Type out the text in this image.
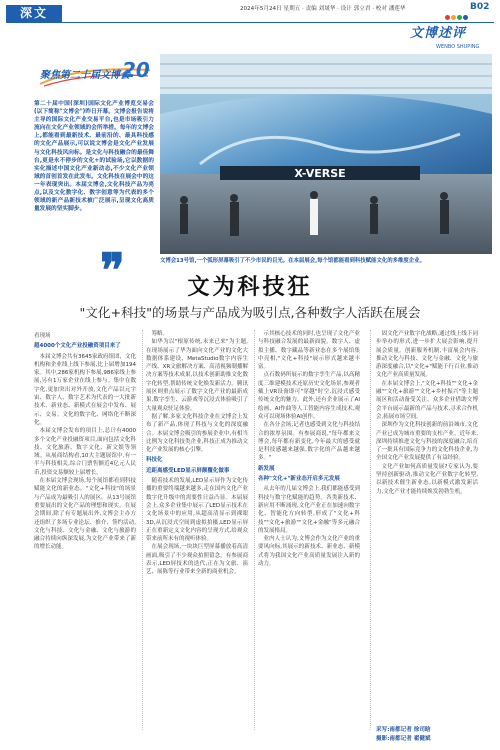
深文	2024年5月24日 星期五 · 责编 刘晟华 · 设计 郭立君 · 校对 潘莲华	B02
文博述评
WENBO SHUPING
聚焦第二十届文博会
20
第二十届中国(深圳)国际文化产业博览交易会(以下简称"文博会")昨日开幕。文博会报告说将主导的国际文化产业交易平台,也是市场吸引力流向在文化产业领域的会所举措。每年的文博会上,都能看到最新技术、最前沿的、最具科技感的文化产品展示,可以说文博会是文化产业发展与文化科技风向标。是文化与科技融合的最佳舞台,更是永不停步的文化+的试验场,它以数据的实化描述中国文化产业新动态,不少文化产业领域的首创首发在此发布。文化科技在展会中的这一年表现突出。本届文博会,文化科技产品为亮点,以及文化数字化、数字创意等为代表的多个领域的新产品新技术被广泛展示,呈现文化高质量发展的坚实脚步。
❞
X-VERSE
文博会13号馆,一个弧形屏幕吸引了不少市民的目光。在本届展会,每个馆都能看到科技赋能文化的多维度企业。
文为科技狂
"文化+科技"的场景与产品成为吸引点,各种数字人活跃在展会
看现场
超4000个文化产业投融资项目来了

本届文博会共有3645家政府组团、文化机构和企业线上线下参展,比上届增加194家。其中,286家机构下参展,986家线上参展,另有1万家企业在线上参与。集中在数字化,更加突出对外开放,文化产品以元宇宙、数字人、数字艺术为代表的一大批新技术、新业态、新模式在展会中发布、展示、交易。文化的数字化、网络化不断深化。

本届文博会发布的项目上,总计有4000多个文化产业投融资项目,面向包括文化科技、文化旅游、数字文化、新文娱等领域。从展商结构看,10大主题展馆中,有一半与科技相关,综合门票售额近4亿元人民币,投资交易额较上届增长。

在本届文博会现场,每个展馆都看到科技赋能文化的新业态。"文化+科技"的场景与产品成为最吸引人的展区。从13号展馆重要展出的文化产品的理想和现实。在展会期间,除了有专题展出外,文博会主办方还组织了多场专业论坛、推介、签约活动,文化与科技、文化与金融、文化与旅游的融合持续向纵深发展,为文化产业带来了新的增长动能。

筹略。

如华为以"根原传统,未来已来"为主题,在现场展示了华为面向文化产业的文化大数据体系建设、MetaStudio数字内容生产线、XR文旅解决方案、高清视频制播解决方案等技术成果,以技术创新助推文化数字化转型,帮助传统文化焕发新活力。腾讯展区则重点展示了数字文化产业的最新成果,数字孪生、云游戏等沉浸式体验吸引了大量观众驻足体验。

据了解,多家文化科技企业在文博会上发布了新产品,体现了科技与文化的深度融合。本届文博会吸引的参展企业中,有相当比例为文化科技类企业,科技正成为推动文化产业发展的核心引擎。

科技化
近距离感受LED显示屏颠覆化做事

随着技术的发展,LED显示屏作为文化传播的重要终端越来越多,走在国内文化产业数字化升级中的需要性日益凸显。本届展会上,众多企业集中展示了LED显示技术在文化场景中的应用,从超高清显示到裸眼3D,从沉浸式空间到虚拟拍摄,LED显示屏正在重新定义文化内容的呈现方式,给观众带来前所未有的视听体验。

在展会现场,一块块巨型屏幕播放着高清画面,吸引了不少观众拍照留念。有参展商表示,LED屏技术的迭代,正在为文旅、演艺、展陈等行业带来全新的商业机会。

示其核心技术的同时,也呈现了文化产业与科技融合发展的最新面貌。数字人、虚拟主播、数字藏品等新业态在多个展馆集中亮相,"文化+科技"展示形式越来越丰富。

点石数码所展示的数字孪生产品,以高精度三维建模技术还原历史文化场景,参观者戴上VR设备即可"穿越"时空,沉浸式感受传统文化的魅力。此外,还有企业展示了AI绘画、AI作曲等人工智能内容生成技术,观众可以现场体验AI创作。

在各分会场,记者也感受到文化与科技结合的浓厚氛围。有参展商说,"每年都来文博会,每年都有新变化,今年最大的感受就是科技感越来越强,数字化的产品越来越多。"

新发展
各种"文化+"新业态开启多元发展

从去年的几届文博会上,我们都能感受到科技与数字化赋能的趋势。各类新技术、新应用不断涌现,文化产业正在加速向数字化、智能化方向转型,形成了"文化+科技""文化+旅游""文化+金融"等多元融合的发展格局。

业内人士认为,文博会作为文化产业的重要风向标,其展示的新技术、新业态、新模式将为我国文化产业高质量发展注入新的动力。

固文化产业数字化战略,通过线上线下同步举办的形式,进一步扩大展会影响,提升展会质量。创新服务机制,丰富展会内容,推动文化与科技、文化与金融、文化与旅游深度融合,以"文化+"赋能千行百业,推动文化产业高质量发展。

在本届文博会上,"文化+科技""文化+金融""文化+旅游""文化+乡村振兴"等主题展区和活动备受关注。众多企业借助文博会平台展示最新的产品与技术,寻求合作机会,拓展市场空间。

深圳作为文化科技创新的前沿城市,文化产业已成为城市重要的支柱产业。近年来,深圳持续推进文化与科技的深度融合,培育了一批具有国际竞争力的文化科技企业,为全国文化产业发展提供了有益经验。

文化产业如何高质量发展?专家认为,要坚持创新驱动,推动文化产业数字化转型,以新技术催生新业态,以新模式激发新活力,文化产业才能持续焕发勃勃生机。

采写:南都记者 徐司晗
摄影:南都记者 翟健斌
